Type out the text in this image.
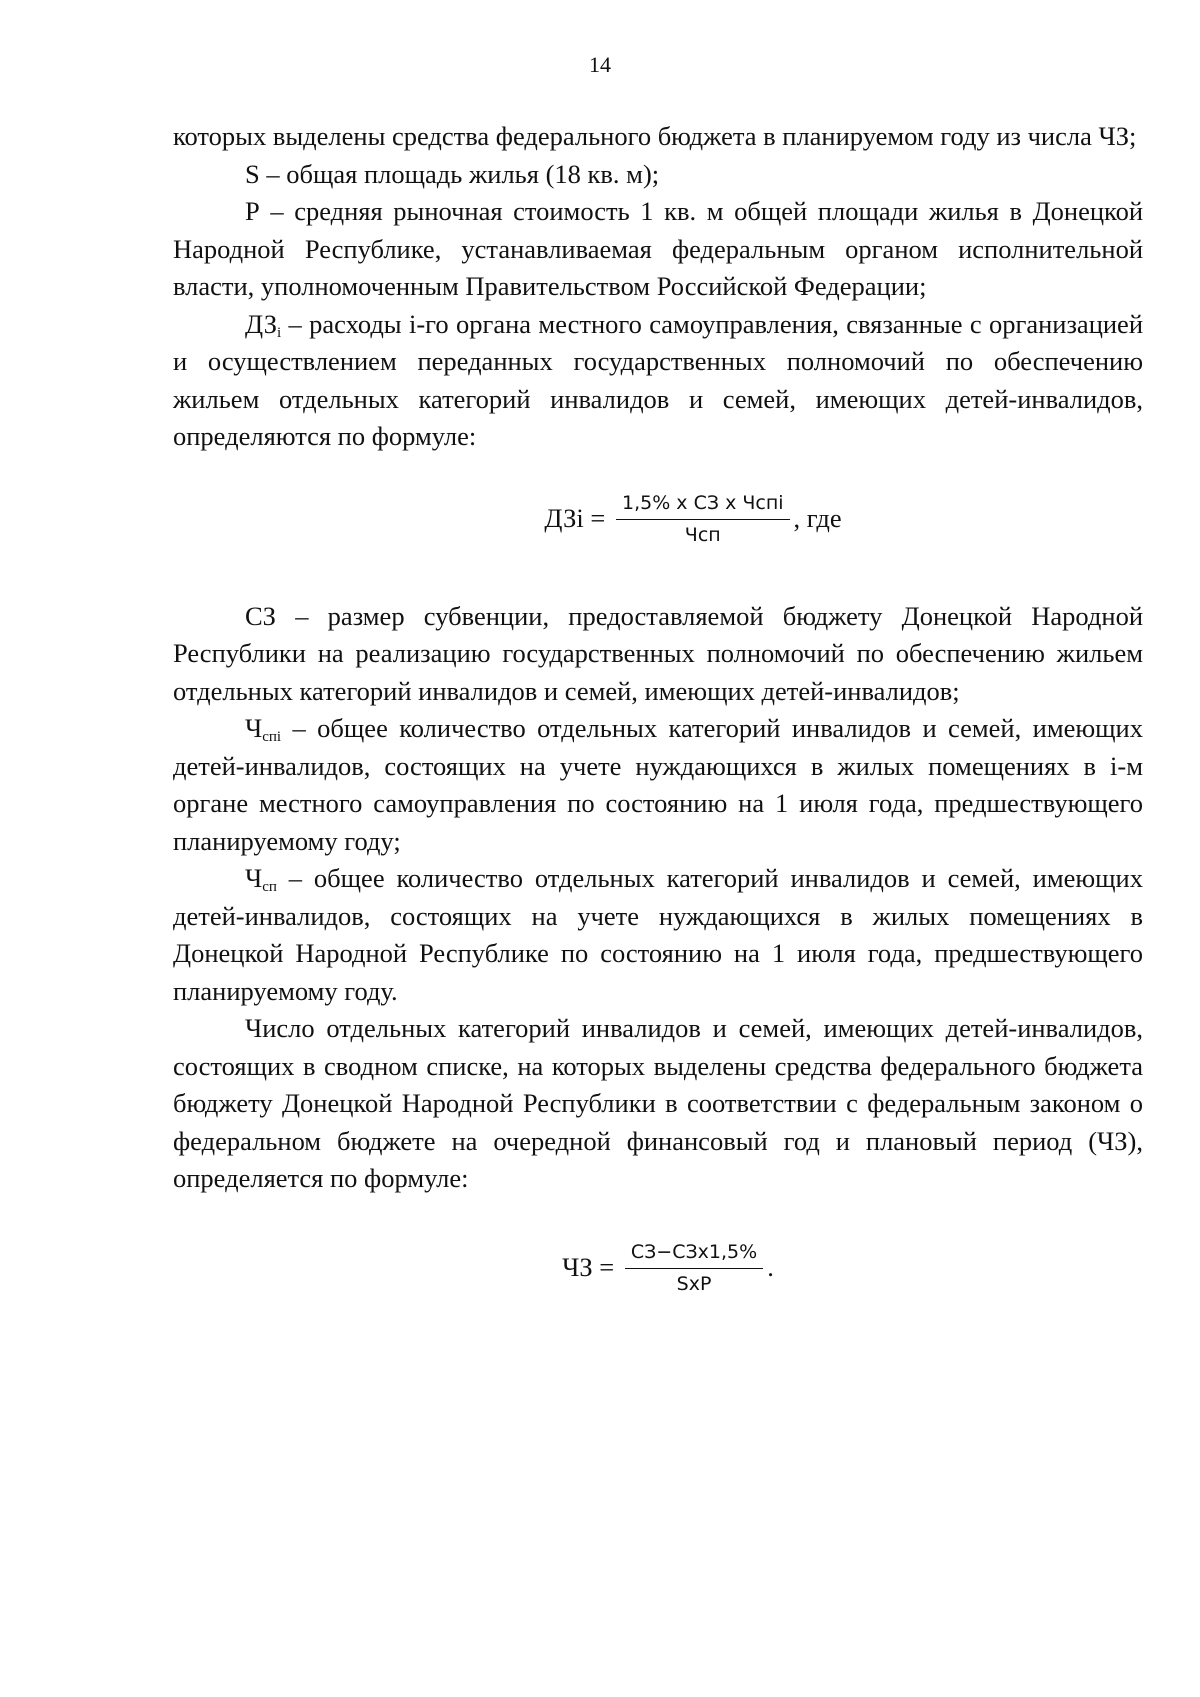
14

которых выделены средства федерального бюджета в планируемом году из числа ЧЗ;

S – общая площадь жилья (18 кв. м);

Р – средняя рыночная стоимость 1 кв. м общей площади жилья в Донецкой Народной Республике, устанавливаемая федеральным органом исполнительной власти, уполномоченным Правительством Российской Федерации;

$ДЗ_i$ – расходы i-го органа местного самоуправления, связанные с организацией и осуществлением переданных государственных полномочий по обеспечению жильем отдельных категорий инвалидов и семей, имеющих детей-инвалидов, определяются по формуле:

ДЗi = $\frac{\text{1,5\% x СЗ x Чспi}}{\text{Чсп}}$ , где

СЗ – размер субвенции, предоставляемой бюджету Донецкой Народной Республики на реализацию государственных полномочий по обеспечению жильем отдельных категорий инвалидов и семей, имеющих детей-инвалидов;

$Ч_{спi}$ – общее количество отдельных категорий инвалидов и семей, имеющих детей-инвалидов, состоящих на учете нуждающихся в жилых помещениях в i-м органе местного самоуправления по состоянию на 1 июля года, предшествующего планируемому году;

$Ч_{сп}$ – общее количество отдельных категорий инвалидов и семей, имеющих детей-инвалидов, состоящих на учете нуждающихся в жилых помещениях в Донецкой Народной Республике по состоянию на 1 июля года, предшествующего планируемому году.

Число отдельных категорий инвалидов и семей, имеющих детей-инвалидов, состоящих в сводном списке, на которых выделены средства федерального бюджета бюджету Донецкой Народной Республики в соответствии с федеральным законом о федеральном бюджете на очередной финансовый год и плановый период (ЧЗ), определяется по формуле:

ЧЗ = $\frac{\text{СЗ−СЗх1,5\%}}{\text{SxP}}$ .
